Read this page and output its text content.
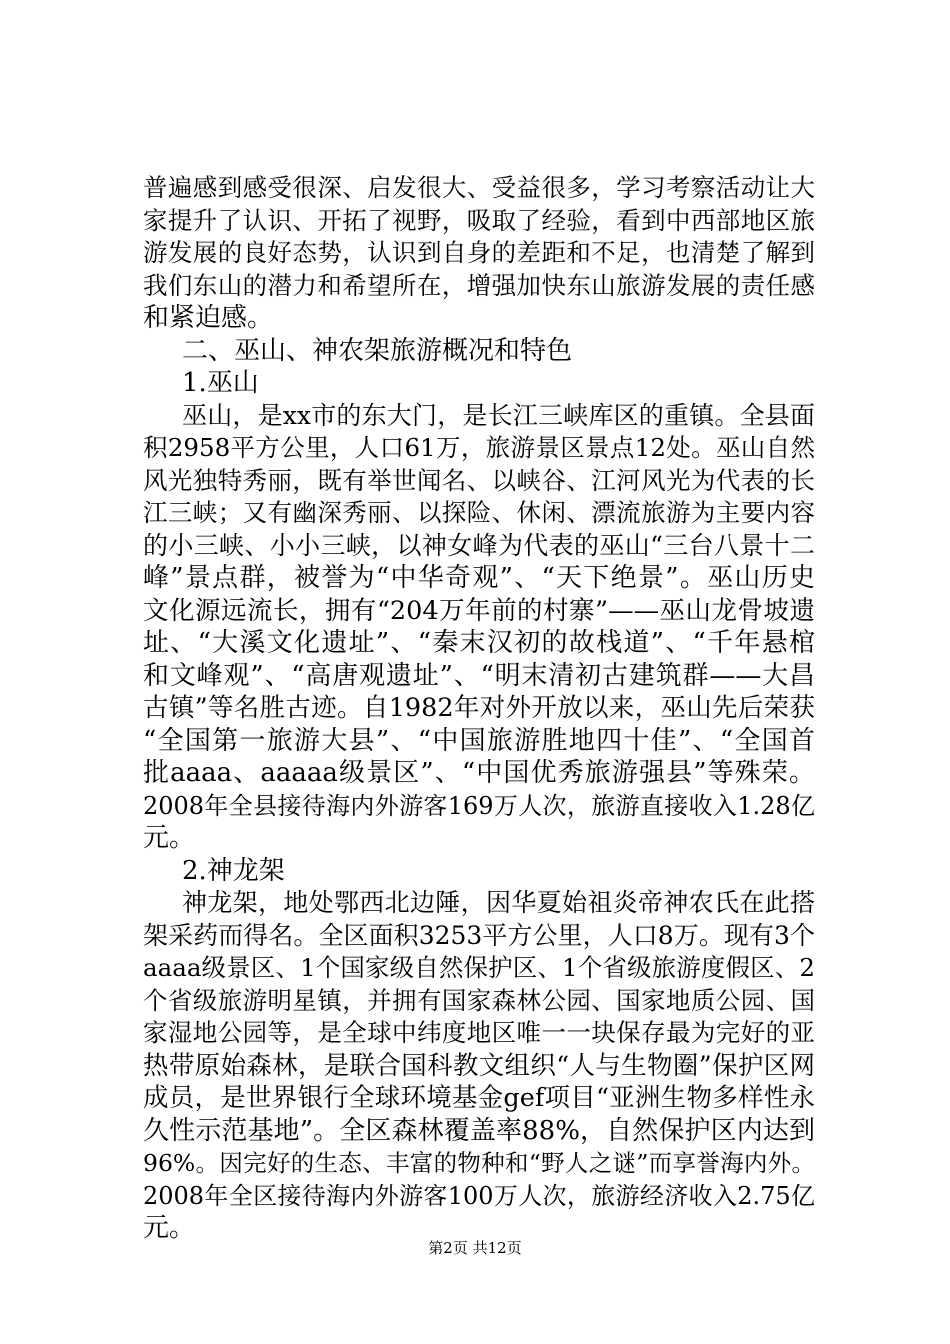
普遍感到感受很深、启发很大、受益很多，学习考察活动让大
家提升了认识、开拓了视野，吸取了经验，看到中西部地区旅
游发展的良好态势，认识到自身的差距和不足，也清楚了解到
我们东山的潜力和希望所在，增强加快东山旅游发展的责任感
和紧迫感。
二、巫山、神农架旅游概况和特色
1.巫山
巫山，是xx市的东大门，是长江三峡库区的重镇。全县面
积2958平方公里，人口61万，旅游景区景点12处。巫山自然
风光独特秀丽，既有举世闻名、以峡谷、江河风光为代表的长
江三峡；又有幽深秀丽、以探险、休闲、漂流旅游为主要内容
的小三峡、小小三峡，以神女峰为代表的巫山“三台八景十二
峰”景点群，被誉为“中华奇观”、“天下绝景”。巫山历史
文化源远流长，拥有“204万年前的村寨”——巫山龙骨坡遗
址、“大溪文化遗址”、“秦末汉初的故栈道”、“千年悬棺
和文峰观”、“高唐观遗址”、“明末清初古建筑群——大昌
古镇”等名胜古迹。自1982年对外开放以来，巫山先后荣获
“全国第一旅游大县”、“中国旅游胜地四十佳”、“全国首
批aaaa、aaaaa级景区”、“中国优秀旅游强县”等殊荣。
2008年全县接待海内外游客169万人次，旅游直接收入1.28亿
元。
2.神龙架
神龙架，地处鄂西北边陲，因华夏始祖炎帝神农氏在此搭
架采药而得名。全区面积3253平方公里，人口8万。现有3个
aaaa级景区、1个国家级自然保护区、1个省级旅游度假区、2
个省级旅游明星镇，并拥有国家森林公园、国家地质公园、国
家湿地公园等，是全球中纬度地区唯一一块保存最为完好的亚
热带原始森林，是联合国科教文组织“人与生物圈”保护区网
成员，是世界银行全球环境基金gef项目“亚洲生物多样性永
久性示范基地”。全区森林覆盖率88%，自然保护区内达到
96%。因完好的生态、丰富的物种和“野人之谜”而享誉海内外。
2008年全区接待海内外游客100万人次，旅游经济收入2.75亿
元。
第2页 共12页
